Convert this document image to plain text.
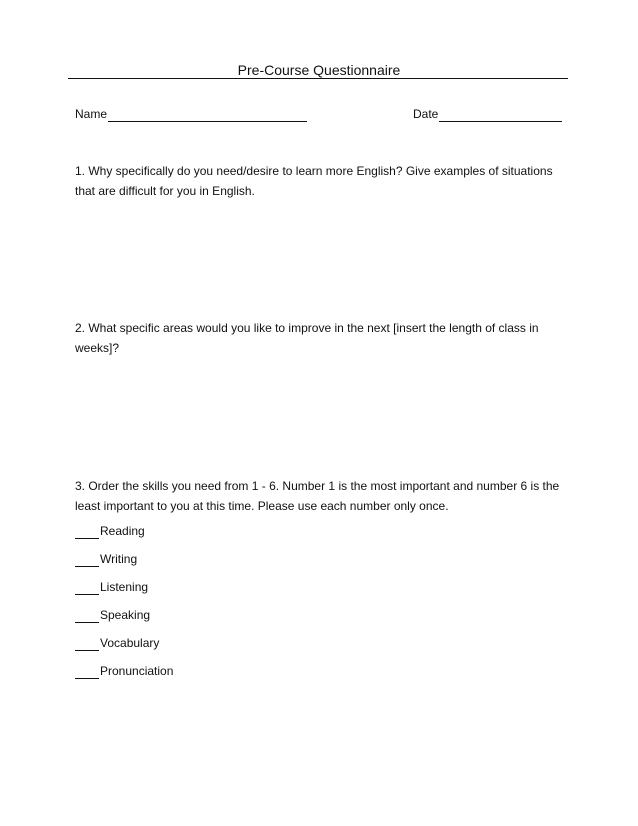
Pre-Course Questionnaire
Name	Date
1. Why specifically do you need/desire to learn more English? Give examples of situations that are difficult for you in English.
2. What specific areas would you like to improve in the next [insert the length of class in weeks]?
3. Order the skills you need from 1 - 6. Number 1 is the most important and number 6 is the least important to you at this time. Please use each number only once.
Reading
Writing
Listening
Speaking
Vocabulary
Pronunciation
